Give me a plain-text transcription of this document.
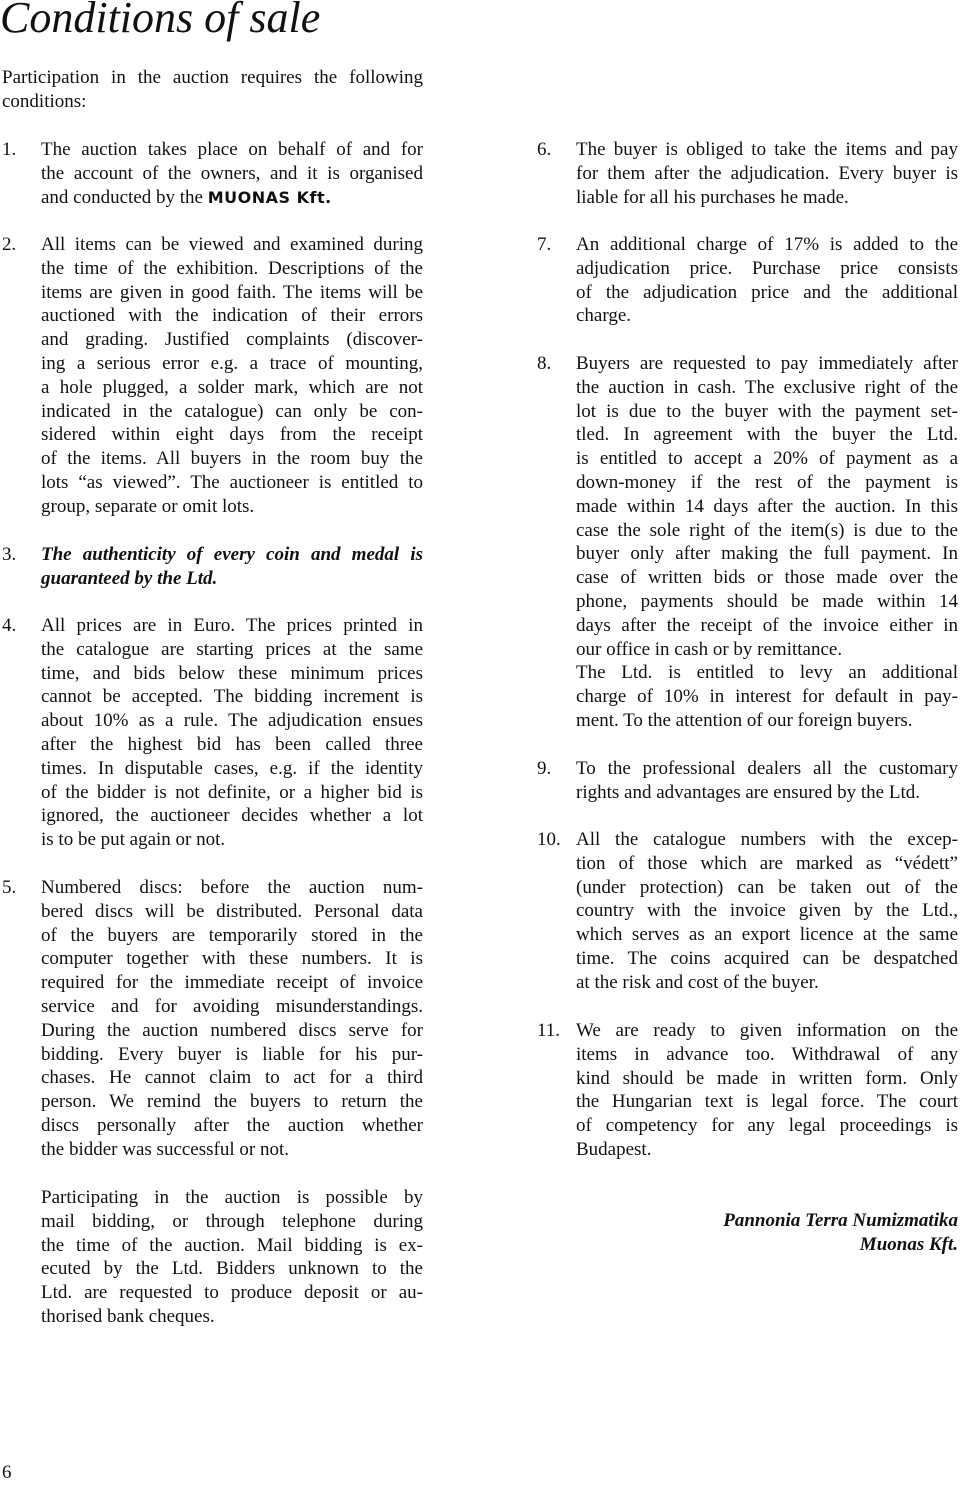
Conditions of sale
Participation in the auction requires the following
conditions:
1. The auction takes place on behalf of and for
the account of the owners, and it is organised
and conducted by the MUONAS Kft.
2. All items can be viewed and examined during
the time of the exhibition. Descriptions of the
items are given in good faith. The items will be
auctioned with the indication of their errors
and grading. Justified complaints (discover-
ing a serious error e.g. a trace of mounting,
a hole plugged, a solder mark, which are not
indicated in the catalogue) can only be con-
sidered within eight days from the receipt
of the items. All buyers in the room buy the
lots “as viewed”. The auctioneer is entitled to
group, separate or omit lots.
3. The authenticity of every coin and medal is
guaranteed by the Ltd.
4. All prices are in Euro. The prices printed in
the catalogue are starting prices at the same
time, and bids below these minimum prices
cannot be accepted. The bidding increment is
about 10% as a rule. The adjudication ensues
after the highest bid has been called three
times. In disputable cases, e.g. if the identity
of the bidder is not definite, or a higher bid is
ignored, the auctioneer decides whether a lot
is to be put again or not.
5. Numbered discs: before the auction num-
bered discs will be distributed. Personal data
of the buyers are temporarily stored in the
computer together with these numbers. It is
required for the immediate receipt of invoice
service and for avoiding misunderstandings.
During the auction numbered discs serve for
bidding. Every buyer is liable for his pur-
chases. He cannot claim to act for a third
person. We remind the buyers to return the
discs personally after the auction whether
the bidder was successful or not.
Participating in the auction is possible by
mail bidding, or through telephone during
the time of the auction. Mail bidding is ex-
ecuted by the Ltd. Bidders unknown to the
Ltd. are requested to produce deposit or au-
thorised bank cheques.
6. The buyer is obliged to take the items and pay
for them after the adjudication. Every buyer is
liable for all his purchases he made.
7. An additional charge of 17% is added to the
adjudication price. Purchase price consists
of the adjudication price and the additional
charge.
8. Buyers are requested to pay immediately after
the auction in cash. The exclusive right of the
lot is due to the buyer with the payment set-
tled. In agreement with the buyer the Ltd.
is entitled to accept a 20% of payment as a
down-money if the rest of the payment is
made within 14 days after the auction. In this
case the sole right of the item(s) is due to the
buyer only after making the full payment. In
case of written bids or those made over the
phone, payments should be made within 14
days after the receipt of the invoice either in
our office in cash or by remittance.
The Ltd. is entitled to levy an additional
charge of 10% in interest for default in pay-
ment. To the attention of our foreign buyers.
9. To the professional dealers all the customary
rights and advantages are ensured by the Ltd.
10. All the catalogue numbers with the excep-
tion of those which are marked as “védett”
(under protection) can be taken out of the
country with the invoice given by the Ltd.,
which serves as an export licence at the same
time. The coins acquired can be despatched
at the risk and cost of the buyer.
11. We are ready to given information on the
items in advance too. Withdrawal of any
kind should be made in written form. Only
the Hungarian text is legal force. The court
of competency for any legal proceedings is
Budapest.
Pannonia Terra Numizmatika
Muonas Kft.
6
